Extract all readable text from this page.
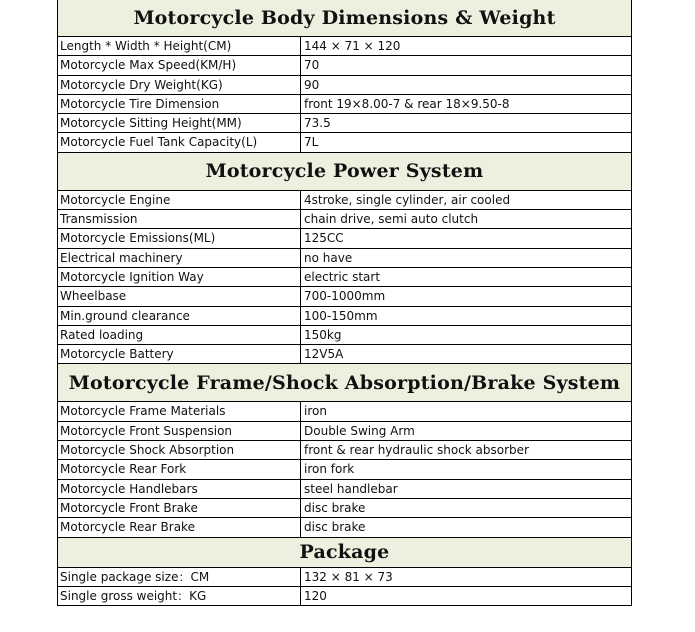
Motorcycle Body Dimensions & Weight
Length * Width * Height(CM)	144 × 71 × 120
Motorcycle Max Speed(KM/H)	70
Motorcycle Dry Weight(KG)	90
Motorcycle Tire Dimension	front 19×8.00-7 & rear 18×9.50-8
Motorcycle Sitting Height(MM)	73.5
Motorcycle Fuel Tank Capacity(L)	7L
Motorcycle Power System
Motorcycle Engine	4stroke, single cylinder, air cooled
Transmission	chain drive, semi auto clutch
Motorcycle Emissions(ML)	125CC
Electrical machinery	no have
Motorcycle Ignition Way	electric start
Wheelbase	700-1000mm
Min.ground clearance	100-150mm
Rated loading	150kg
Motorcycle Battery	12V5A
Motorcycle Frame/Shock Absorption/Brake System
Motorcycle Frame Materials	iron
Motorcycle Front Suspension	Double Swing Arm
Motorcycle Shock Absorption	front & rear hydraulic shock absorber
Motorcycle Rear Fork	iron fork
Motorcycle Handlebars	steel handlebar
Motorcycle Front Brake	disc brake
Motorcycle Rear Brake	disc brake
Package
Single package size：CM	132 × 81 × 73
Single gross weight：KG	120
